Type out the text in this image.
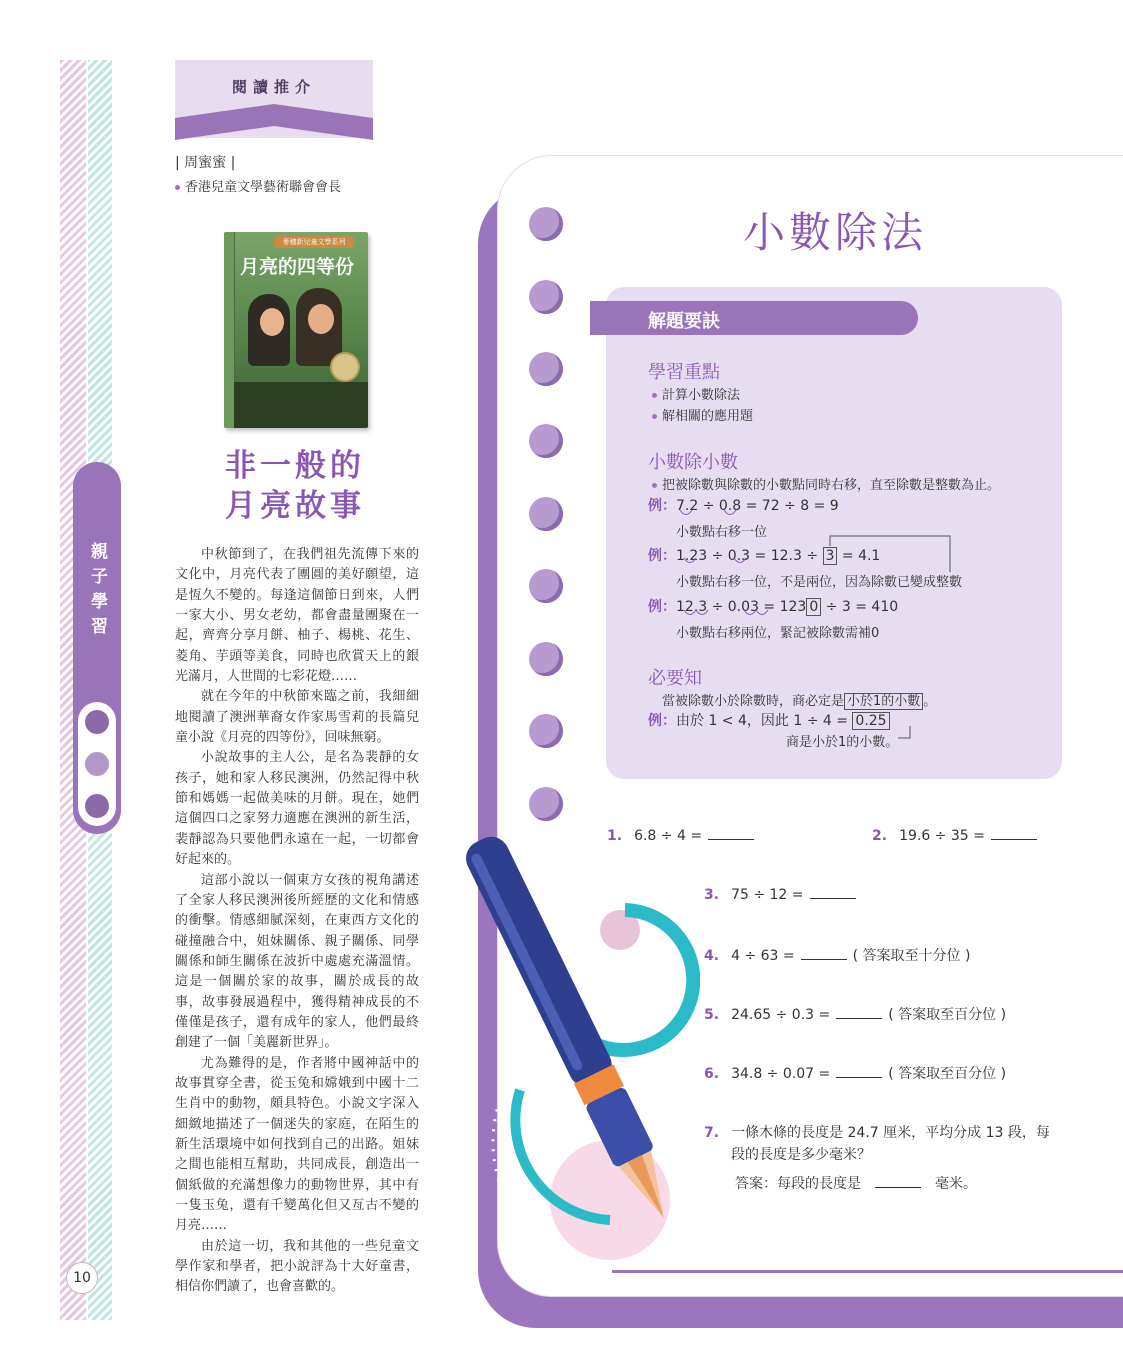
親子學習
10
閱讀推介
| 周蜜蜜 |
香港兒童文學藝術聯會會長
麥穗新兒童文學系列
月亮的四等份
非一般的
月亮故事

中秋節到了，在我們祖先流傳下來的文化中，月亮代表了團圓的美好願望，這是恆久不變的。每逢這個節日到來，人們一家大小、男女老幼，都會盡量團聚在一起，齊齊分享月餅、柚子、楊桃、花生、菱角、芋頭等美食，同時也欣賞天上的銀光滿月，人世間的七彩花燈……

就在今年的中秋節來臨之前，我細細地閱讀了澳洲華裔女作家馬雪莉的長篇兒童小說《月亮的四等份》，回味無窮。

小說故事的主人公，是名為裴靜的女孩子，她和家人移民澳洲，仍然記得中秋節和媽媽一起做美味的月餅。現在，她們這個四口之家努力適應在澳洲的新生活，裴靜認為只要他們永遠在一起，一切都會好起來的。

這部小說以一個東方女孩的視角講述了全家人移民澳洲後所經歷的文化和情感的衝擊。情感細膩深刻，在東西方文化的碰撞融合中，姐妹關係、親子關係、同學關係和師生關係在波折中處處充滿溫情。這是一個關於家的故事，關於成長的故事，故事發展過程中，獲得精神成長的不僅僅是孩子，還有成年的家人，他們最終創建了一個「美麗新世界」。

尤為難得的是，作者將中國神話中的故事貫穿全書，從玉兔和嫦娥到中國十二生肖中的動物，頗具特色。小說文字深入細緻地描述了一個迷失的家庭，在陌生的新生活環境中如何找到自己的出路。姐妹之間也能相互幫助，共同成長，創造出一個紙做的充滿想像力的動物世界，其中有一隻玉兔，還有千變萬化但又亙古不變的月亮……

由於這一切，我和其他的一些兒童文學作家和學者，把小說評為十大好童書，相信你們讀了，也會喜歡的。

小數除法
解題要訣
學習重點
計算小數除法
解相關的應用題
小數除小數
把被除數與除數的小數點同時右移，直至除數是整數為止。
例：7.2 ÷ 0.8 = 72 ÷ 8 = 9
小數點右移一位
例：1.23 ÷ 0.3 = 12.3 ÷ 3 = 4.1
小數點右移一位，不是兩位，因為除數已變成整數
例：12.3 ÷ 0.03 = 123 0 ÷ 3 = 410
小數點右移兩位，緊記被除數需補0
必要知
當被除數小於除數時，商必定是 小於1的小數 。
例：由於 1 < 4，因此 1 ÷ 4 = 0.25
商是小於1的小數。
1. 6.8 ÷ 4 =	2. 19.6 ÷ 35 =
3. 75 ÷ 12 =
4. 4 ÷ 63 =	( 答案取至十分位 )
5. 24.65 ÷ 0.3 =	( 答案取至百分位 )
6. 34.8 ÷ 0.07 =	( 答案取至百分位 )
7. 一條木條的長度是 24.7 厘米，平均分成 13 段，每
段的長度是多少毫米？
答案：每段的長度是	毫米。
